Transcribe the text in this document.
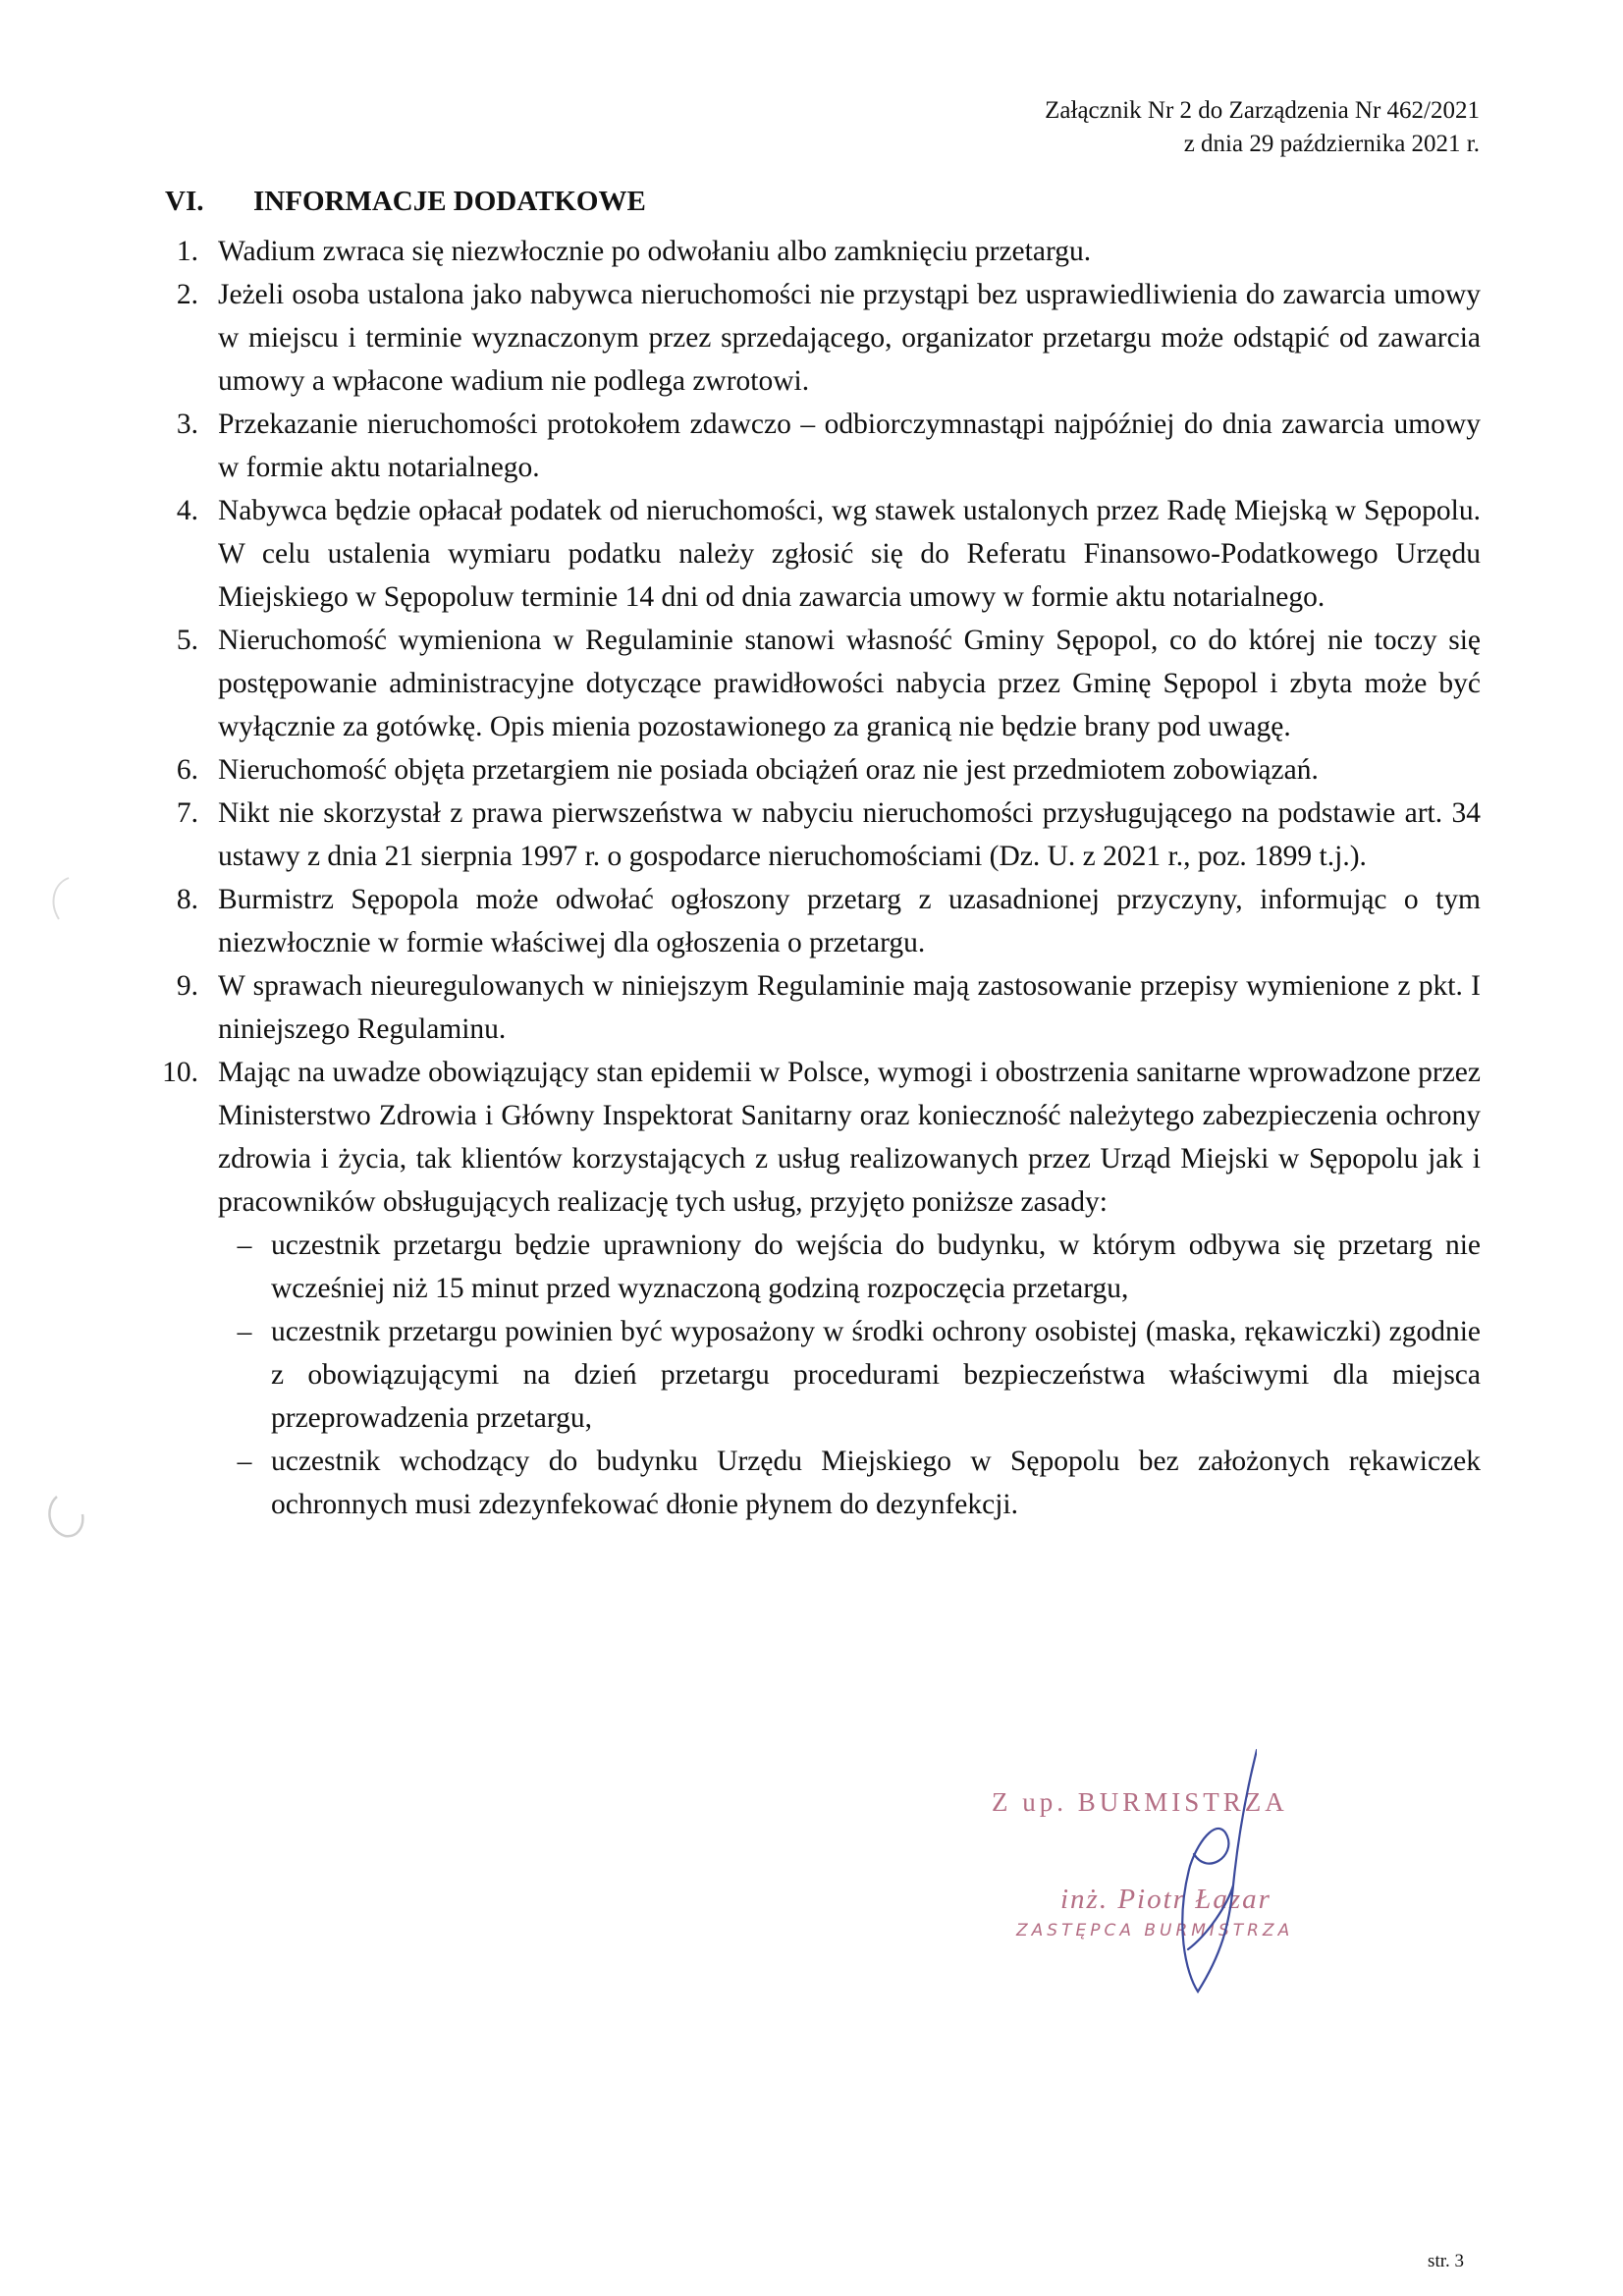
Załącznik Nr 2 do Zarządzenia Nr 462/2021
z dnia 29 października 2021 r.
VI.	INFORMACJE DODATKOWE
1. Wadium zwraca się niezwłocznie po odwołaniu albo zamknięciu przetargu.
2. Jeżeli osoba ustalona jako nabywca nieruchomości nie przystąpi bez usprawiedliwienia do zawarcia umowy w miejscu i terminie wyznaczonym przez sprzedającego, organizator przetargu może odstąpić od zawarcia umowy a wpłacone wadium nie podlega zwrotowi.
3. Przekazanie nieruchomości protokołem zdawczo – odbiorczymnastąpi najpóźniej do dnia zawarcia umowy w formie aktu notarialnego.
4. Nabywca będzie opłacał podatek od nieruchomości, wg stawek ustalonych przez Radę Miejską w Sępopolu. W celu ustalenia wymiaru podatku należy zgłosić się do Referatu Finansowo-Podatkowego Urzędu Miejskiego w Sępopoluw terminie 14 dni od dnia zawarcia umowy w formie aktu notarialnego.
5. Nieruchomość wymieniona w Regulaminie stanowi własność Gminy Sępopol, co do której nie toczy się postępowanie administracyjne dotyczące prawidłowości nabycia przez Gminę Sępopol i zbyta może być wyłącznie za gotówkę. Opis mienia pozostawionego za granicą nie będzie brany pod uwagę.
6. Nieruchomość objęta przetargiem nie posiada obciążeń oraz nie jest przedmiotem zobowiązań.
7. Nikt nie skorzystał z prawa pierwszeństwa w nabyciu nieruchomości przysługującego na podstawie art. 34 ustawy z dnia 21 sierpnia 1997 r. o gospodarce nieruchomościami (Dz. U. z 2021 r., poz. 1899 t.j.).
8. Burmistrz Sępopola może odwołać ogłoszony przetarg z uzasadnionej przyczyny, informując o tym niezwłocznie w formie właściwej dla ogłoszenia o przetargu.
9. W sprawach nieuregulowanych w niniejszym Regulaminie mają zastosowanie przepisy wymienione z pkt. I niniejszego Regulaminu.
10. Mając na uwadze obowiązujący stan epidemii w Polsce, wymogi i obostrzenia sanitarne wprowadzone przez Ministerstwo Zdrowia i Główny Inspektorat Sanitarny oraz konieczność należytego zabezpieczenia ochrony zdrowia i życia, tak klientów korzystających z usług realizowanych przez Urząd Miejski w Sępopolu jak i pracowników obsługujących realizację tych usług, przyjęto poniższe zasady:
– uczestnik przetargu będzie uprawniony do wejścia do budynku, w którym odbywa się przetarg nie wcześniej niż 15 minut przed wyznaczoną godziną rozpoczęcia przetargu,
– uczestnik przetargu powinien być wyposażony w środki ochrony osobistej (maska, rękawiczki) zgodnie z obowiązującymi na dzień przetargu procedurami bezpieczeństwa właściwymi dla miejsca przeprowadzenia przetargu,
– uczestnik wchodzący do budynku Urzędu Miejskiego w Sępopolu bez założonych rękawiczek ochronnych musi zdezynfekować dłonie płynem do dezynfekcji.
Z up. BURMISTRZA
inż. Piotr Łazar
ZASTĘPCA BURMISTRZA
str. 3
